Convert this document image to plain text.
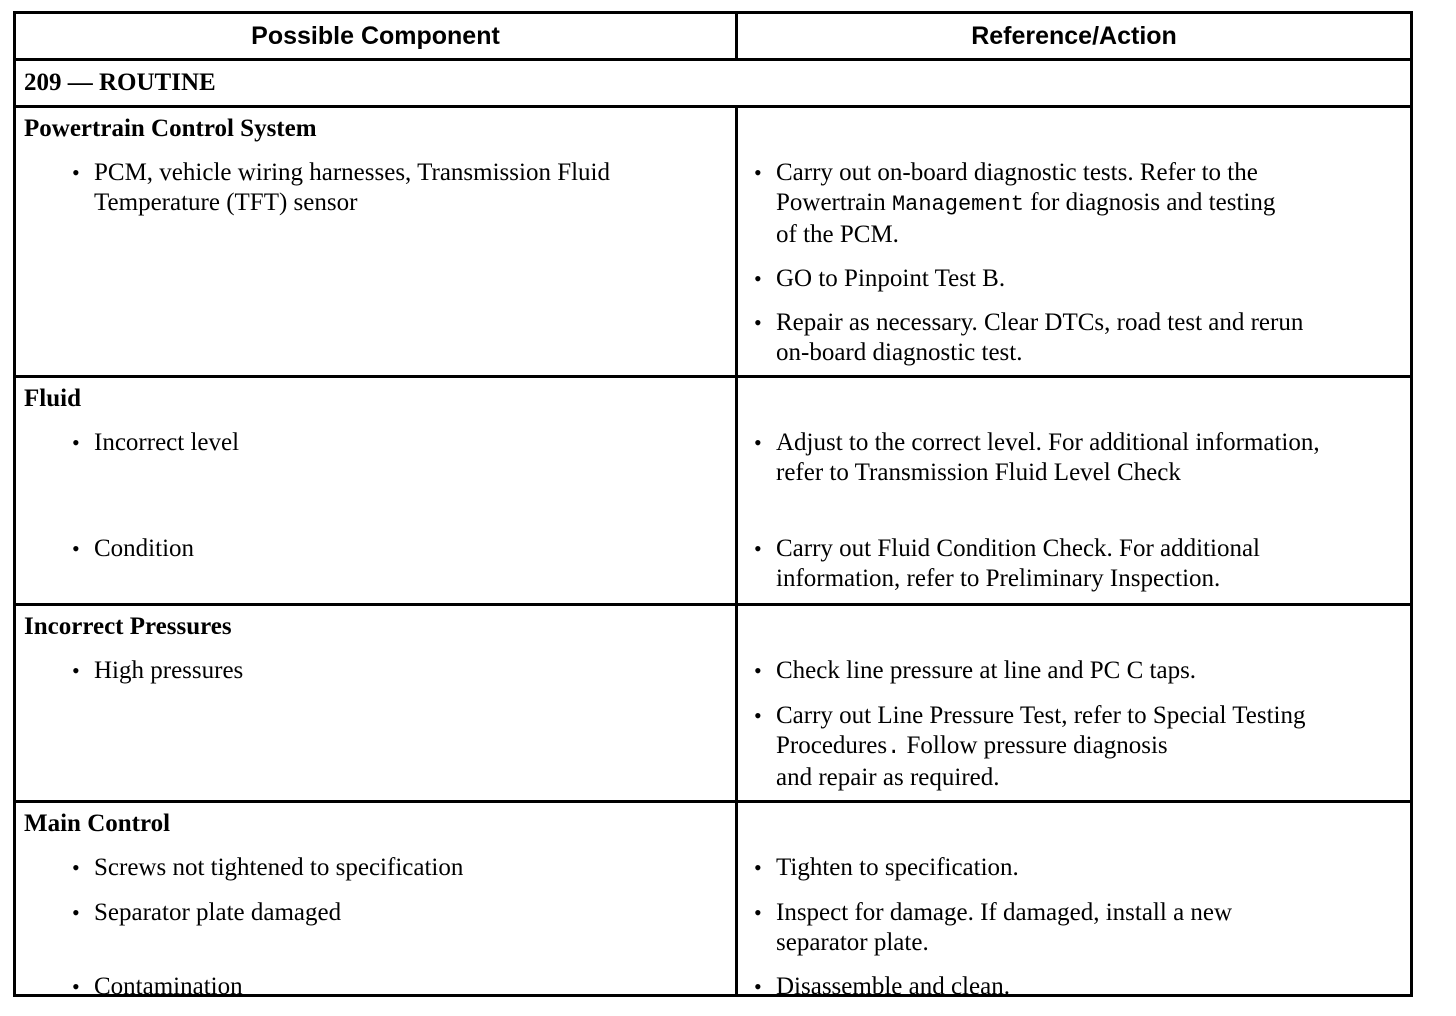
Possible Component	Reference/Action
209 — ROUTINE
Powertrain Control System
• PCM, vehicle wiring harnesses, Transmission Fluid
Temperature (TFT) sensor
• Carry out on-board diagnostic tests. Refer to the
Powertrain Management for diagnosis and testing
of the PCM.
• GO to Pinpoint Test B.
• Repair as necessary. Clear DTCs, road test and rerun
on-board diagnostic test.
Fluid
• Incorrect level
• Condition
• Adjust to the correct level. For additional information,
refer to Transmission Fluid Level Check
• Carry out Fluid Condition Check. For additional
information, refer to Preliminary Inspection.
Incorrect Pressures
• High pressures	• Check line pressure at line and PC C taps.
• Carry out Line Pressure Test, refer to Special Testing
Procedures. Follow pressure diagnosis
and repair as required.
Main Control
• Screws not tightened to specification
• Separator plate damaged
• Contamination
• Tighten to specification.
• Inspect for damage. If damaged, install a new
separator plate.
• Disassemble and clean.
